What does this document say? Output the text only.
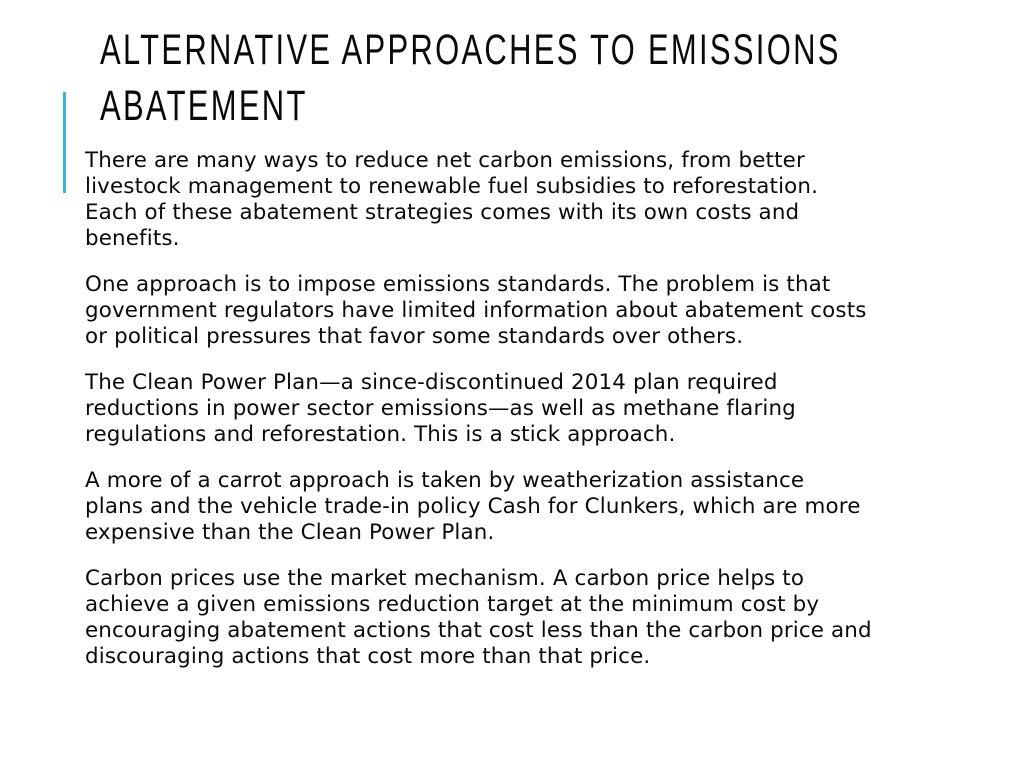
ALTERNATIVE APPROACHES TO EMISSIONS
ABATEMENT

There are many ways to reduce net carbon emissions, from better
livestock management to renewable fuel subsidies to reforestation.
Each of these abatement strategies comes with its own costs and
benefits.

One approach is to impose emissions standards. The problem is that
government regulators have limited information about abatement costs
or political pressures that favor some standards over others.

The Clean Power Plan—a since-discontinued 2014 plan required
reductions in power sector emissions—as well as methane flaring
regulations and reforestation. This is a stick approach.

A more of a carrot approach is taken by weatherization assistance
plans and the vehicle trade-in policy Cash for Clunkers, which are more
expensive than the Clean Power Plan.

Carbon prices use the market mechanism. A carbon price helps to
achieve a given emissions reduction target at the minimum cost by
encouraging abatement actions that cost less than the carbon price and
discouraging actions that cost more than that price.
